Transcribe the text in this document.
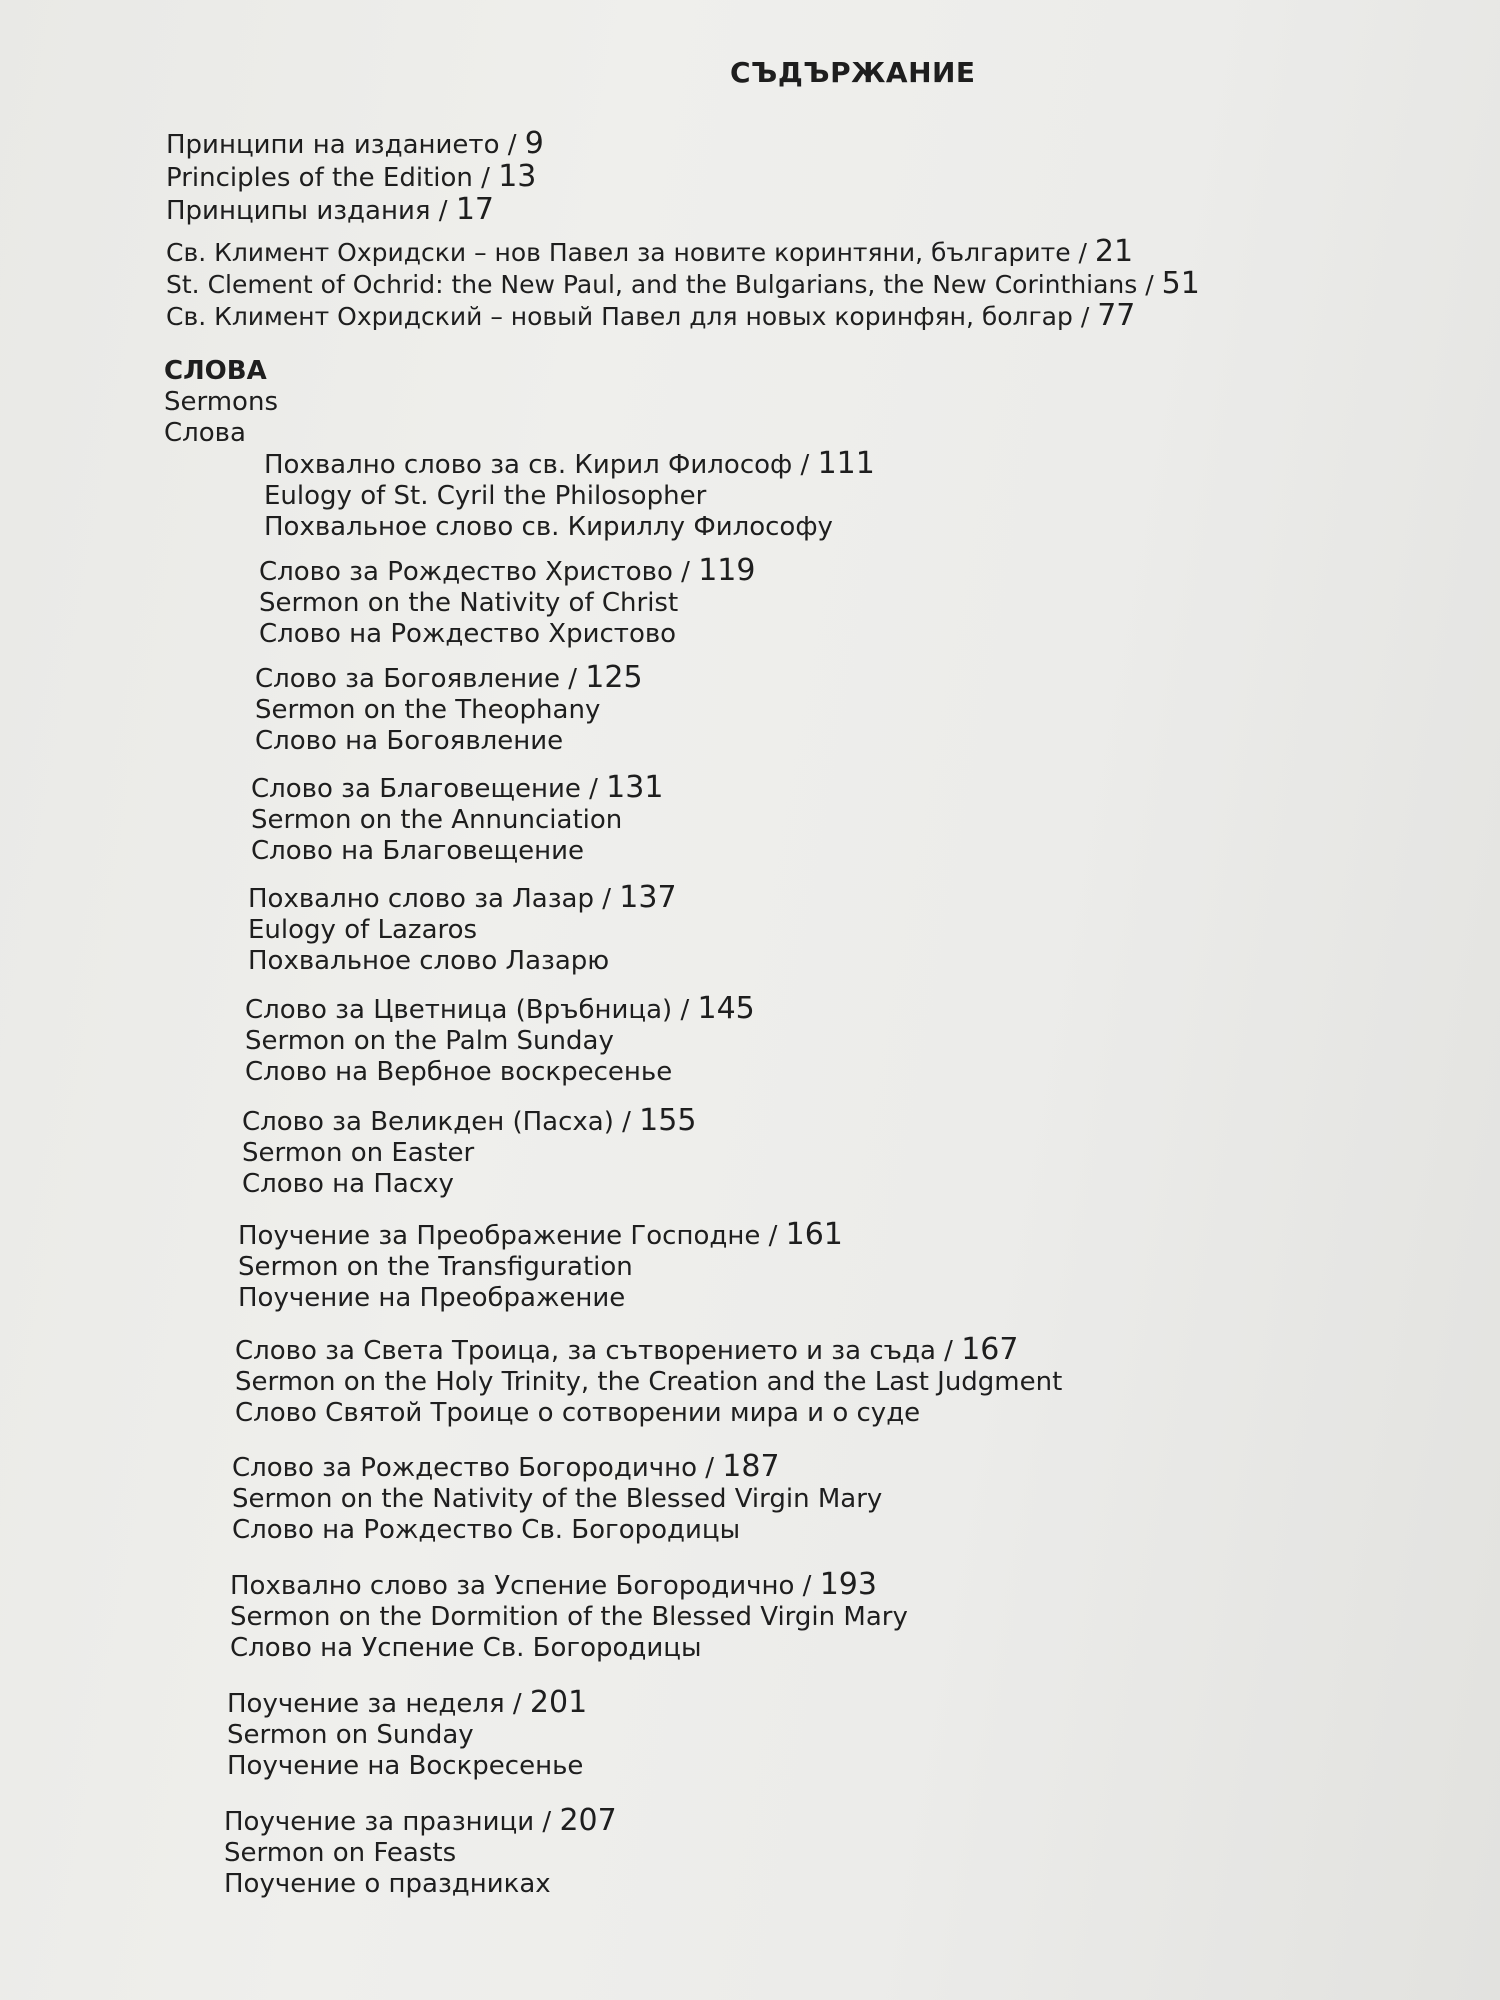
СЪДЪРЖАНИЕ
Принципи на изданието / 9
Principles of the Edition / 13
Принципы издания / 17
Св. Климент Охридски – нов Павел за новите коринтяни, българите / 21
St. Clement of Ochrid: the New Paul, and the Bulgarians, the New Corinthians / 51
Св. Климент Охридский – новый Павел для новых коринфян, болгар / 77
СЛОВА
Sermons
Слова
Похвално слово за св. Кирил Философ / 111
Eulogy of St. Cyril the Philosopher
Похвальное слово св. Кириллу Философу
Слово за Рождество Христово / 119
Sermon on the Nativity of Christ
Слово на Рождество Христово
Слово за Богоявление / 125
Sermon on the Theophany
Слово на Богоявление
Слово за Благовещение / 131
Sermon on the Annunciation
Слово на Благовещение
Похвално слово за Лазар / 137
Eulogy of Lazaros
Похвальное слово Лазарю
Слово за Цветница (Връбница) / 145
Sermon on the Palm Sunday
Слово на Вербное воскресенье
Слово за Великден (Пасха) / 155
Sermon on Easter
Слово на Пасху
Поучение за Преображение Господне / 161
Sermon on the Transfiguration
Поучение на Преображение
Слово за Света Троица, за сътворението и за съда / 167
Sermon on the Holy Trinity, the Creation and the Last Judgment
Слово Святой Троице о сотворении мира и о суде
Слово за Рождество Богородично / 187
Sermon on the Nativity of the Blessed Virgin Mary
Слово на Рождество Св. Богородицы
Похвално слово за Успение Богородично / 193
Sermon on the Dormition of the Blessed Virgin Mary
Слово на Успение Св. Богородицы
Поучение за неделя / 201
Sermon on Sunday
Поучение на Воскресенье
Поучение за празници / 207
Sermon on Feasts
Поучение о праздниках
